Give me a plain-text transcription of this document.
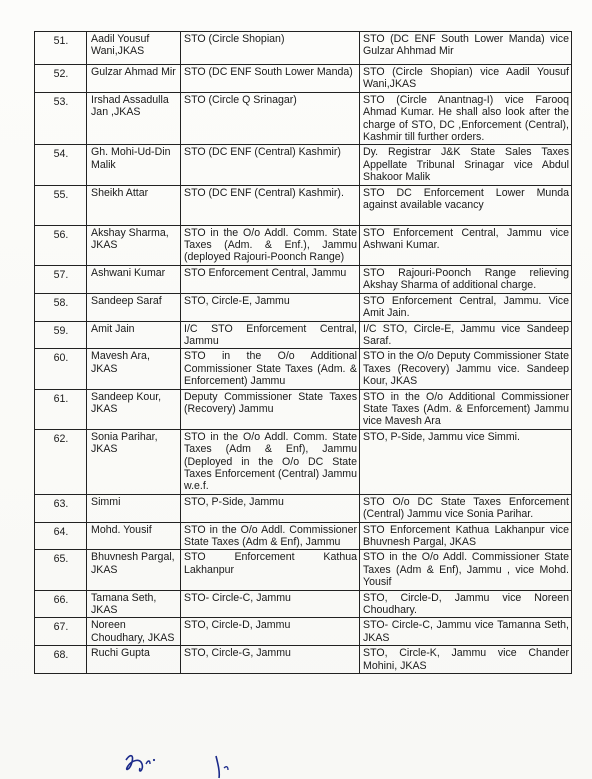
51.	Aadil Yousuf Wani,JKAS	STO (Circle Shopian)	STO (DC ENF South Lower Manda) vice Gulzar Ahhmad Mir
52.	Gulzar Ahmad Mir	STO (DC ENF South Lower Manda)	STO (Circle Shopian) vice Aadil Yousuf Wani,JKAS
53.	Irshad Assadulla Jan ,JKAS	STO (Circle Q Srinagar)	STO (Circle Anantnag-I) vice Farooq Ahmad Kumar. He shall also look after the charge of STO, DC ,Enforcement (Central), Kashmir till further orders.
54.	Gh. Mohi-Ud-Din Malik	STO (DC ENF (Central) Kashmir)	Dy. Registrar J&K State Sales Taxes Appellate Tribunal Srinagar vice Abdul Shakoor Malik
55.	Sheikh Attar	STO (DC ENF (Central) Kashmir).	STO DC Enforcement Lower Munda against available vacancy
56.	Akshay Sharma, JKAS	STO in the O/o Addl. Comm. State Taxes (Adm. & Enf.), Jammu (deployed Rajouri-Poonch Range)	STO Enforcement Central, Jammu vice Ashwani Kumar.
57.	Ashwani Kumar	STO Enforcement Central, Jammu	STO Rajouri-Poonch Range relieving Akshay Sharma of additional charge.
58.	Sandeep Saraf	STO, Circle-E, Jammu	STO Enforcement Central, Jammu. Vice Amit Jain.
59.	Amit Jain	I/C STO Enforcement Central, Jammu	I/C STO, Circle-E, Jammu vice Sandeep Saraf.
60.	Mavesh Ara, JKAS	STO in the O/o Additional Commissioner State Taxes (Adm. & Enforcement) Jammu	STO in the O/o Deputy Commissioner State Taxes (Recovery) Jammu vice. Sandeep Kour, JKAS
61.	Sandeep Kour, JKAS	Deputy Commissioner State Taxes (Recovery) Jammu	STO in the O/o Additional Commissioner State Taxes (Adm. & Enforcement) Jammu vice Mavesh Ara
62.	Sonia Parihar, JKAS	STO in the O/o Addl. Comm. State Taxes (Adm & Enf), Jammu (Deployed in the O/o DC State Taxes Enforcement (Central) Jammu w.e.f.	STO, P-Side, Jammu vice Simmi.
63.	Simmi	STO, P-Side, Jammu	STO O/o DC State Taxes Enforcement (Central) Jammu vice Sonia Parihar.
64.	Mohd. Yousif	STO in the O/o Addl. Commissioner State Taxes (Adm & Enf), Jammu	STO Enforcement Kathua Lakhanpur vice Bhuvnesh Pargal, JKAS
65.	Bhuvnesh Pargal, JKAS	STO Enforcement Kathua Lakhanpur	STO in the O/o Addl. Commissioner State Taxes (Adm & Enf), Jammu , vice Mohd. Yousif
66.	Tamana Seth, JKAS	STO- Circle-C, Jammu	STO, Circle-D, Jammu vice Noreen Choudhary.
67.	Noreen Choudhary, JKAS	STO, Circle-D, Jammu	STO- Circle-C, Jammu vice Tamanna Seth, JKAS
68.	Ruchi Gupta	STO, Circle-G, Jammu	STO, Circle-K, Jammu vice Chander Mohini, JKAS
